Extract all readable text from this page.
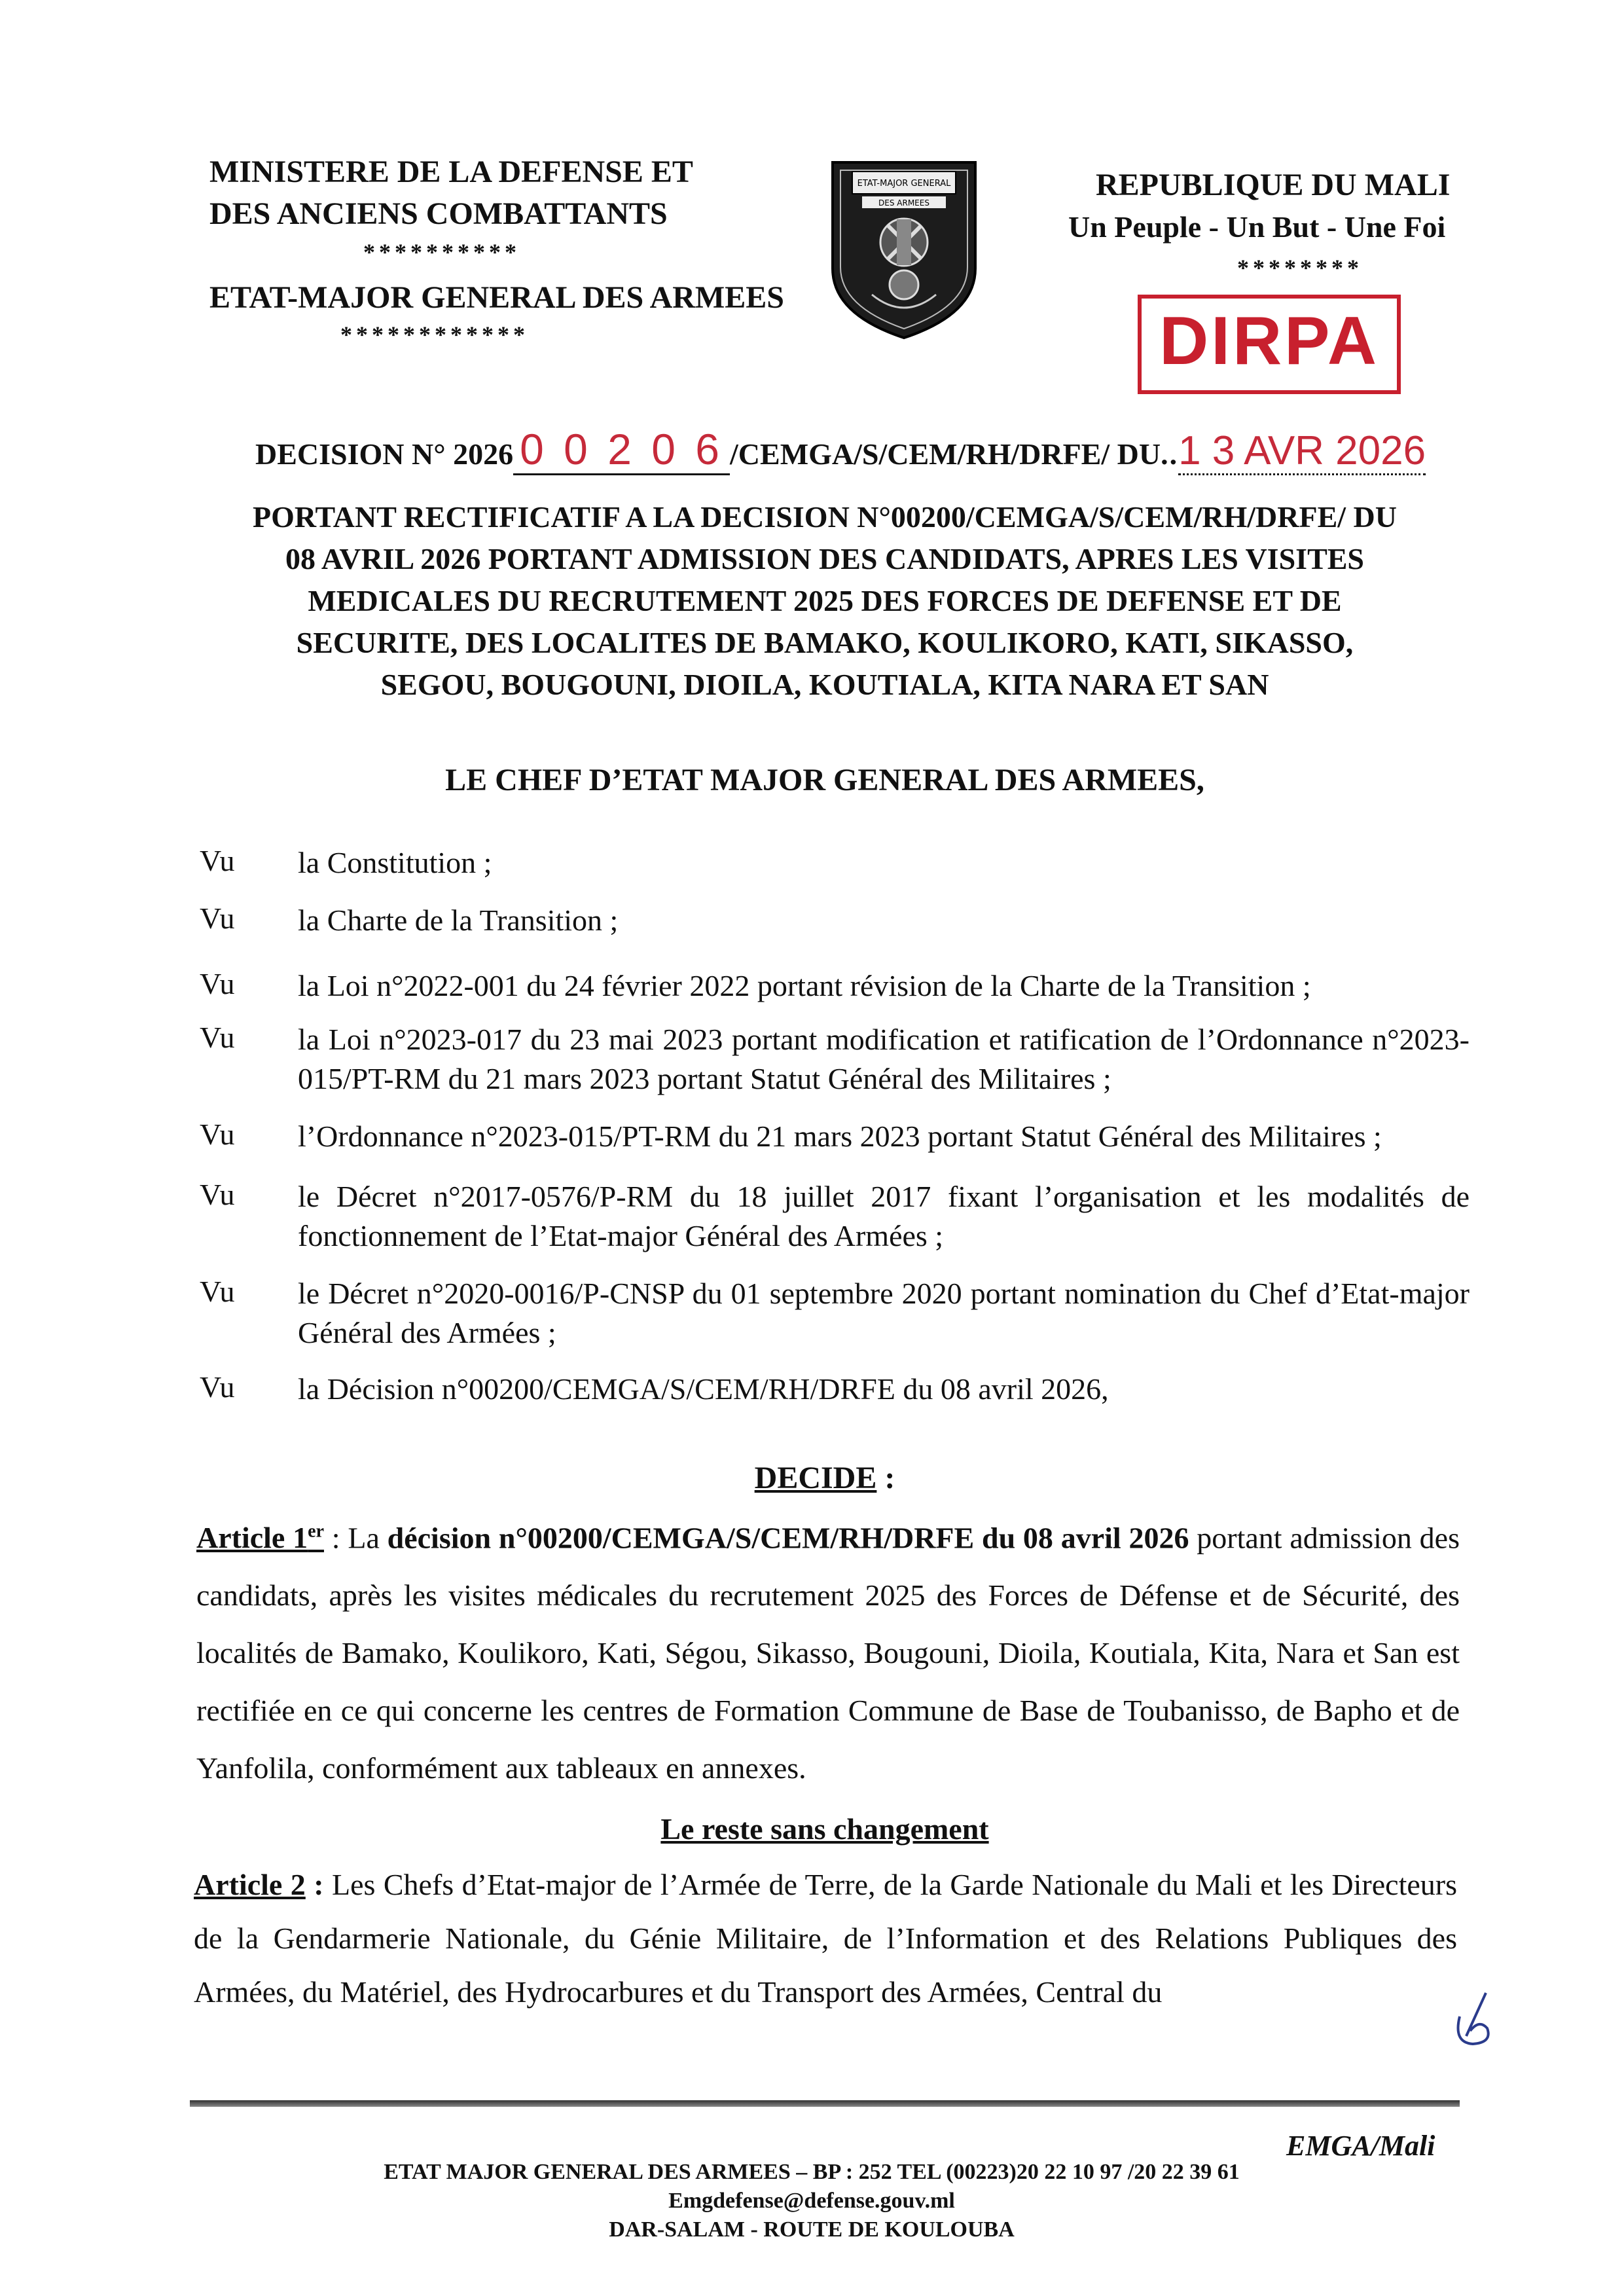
MINISTERE DE LA DEFENSE ET
DES ANCIENS COMBATTANTS
**********
ETAT-MAJOR GENERAL DES ARMEES
************
ETAT-MAJOR GENERAL
DES ARMEES
REPUBLIQUE DU MALI
Un Peuple - Un But - Une Foi
********
DIRPA
DECISION N° 2026 0 0 2 0 6 /CEMGA/S/CEM/RH/DRFE/ DU..1 3 AVR 2026
PORTANT RECTIFICATIF A LA DECISION N°00200/CEMGA/S/CEM/RH/DRFE/ DU
08 AVRIL 2026 PORTANT ADMISSION DES CANDIDATS, APRES LES VISITES
MEDICALES DU RECRUTEMENT 2025 DES FORCES DE DEFENSE ET DE
SECURITE, DES LOCALITES DE BAMAKO, KOULIKORO, KATI, SIKASSO,
SEGOU, BOUGOUNI, DIOILA, KOUTIALA, KITA NARA ET SAN
LE CHEF D’ETAT MAJOR GENERAL DES ARMEES,
Vu la Constitution ;
Vu la Charte de la Transition ;
Vu la Loi n°2022-001 du 24 février 2022 portant révision de la Charte de la Transition ;
Vu la Loi n°2023-017 du 23 mai 2023 portant modification et ratification de l’Ordonnance n°2023-015/PT-RM du 21 mars 2023 portant Statut Général des Militaires ;
Vu l’Ordonnance n°2023-015/PT-RM du 21 mars 2023 portant Statut Général des Militaires ;
Vu le Décret n°2017-0576/P-RM du 18 juillet 2017 fixant l’organisation et les modalités de fonctionnement de l’Etat-major Général des Armées ;
Vu le Décret n°2020-0016/P-CNSP du 01 septembre 2020 portant nomination du Chef d’Etat-major Général des Armées ;
Vu la Décision n°00200/CEMGA/S/CEM/RH/DRFE du 08 avril 2026,
DECIDE :
Article 1er : La décision n°00200/CEMGA/S/CEM/RH/DRFE du 08 avril 2026 portant admission des candidats, après les visites médicales du recrutement 2025 des Forces de Défense et de Sécurité, des localités de Bamako, Koulikoro, Kati, Ségou, Sikasso, Bougouni, Dioila, Koutiala, Kita, Nara et San est rectifiée en ce qui concerne les centres de Formation Commune de Base de Toubanisso, de Bapho et de Yanfolila, conformément aux tableaux en annexes.
Le reste sans changement
Article 2 : Les Chefs d’Etat-major de l’Armée de Terre, de la Garde Nationale du Mali et les Directeurs de la Gendarmerie Nationale, du Génie Militaire, de l’Information et des Relations Publiques des Armées, du Matériel, des Hydrocarbures et du Transport des Armées, Central du
EMGA/Mali
ETAT MAJOR GENERAL DES ARMEES – BP : 252 TEL (00223)20 22 10 97 /20 22 39 61
Emgdefense@defense.gouv.ml
DAR-SALAM - ROUTE DE KOULOUBA
